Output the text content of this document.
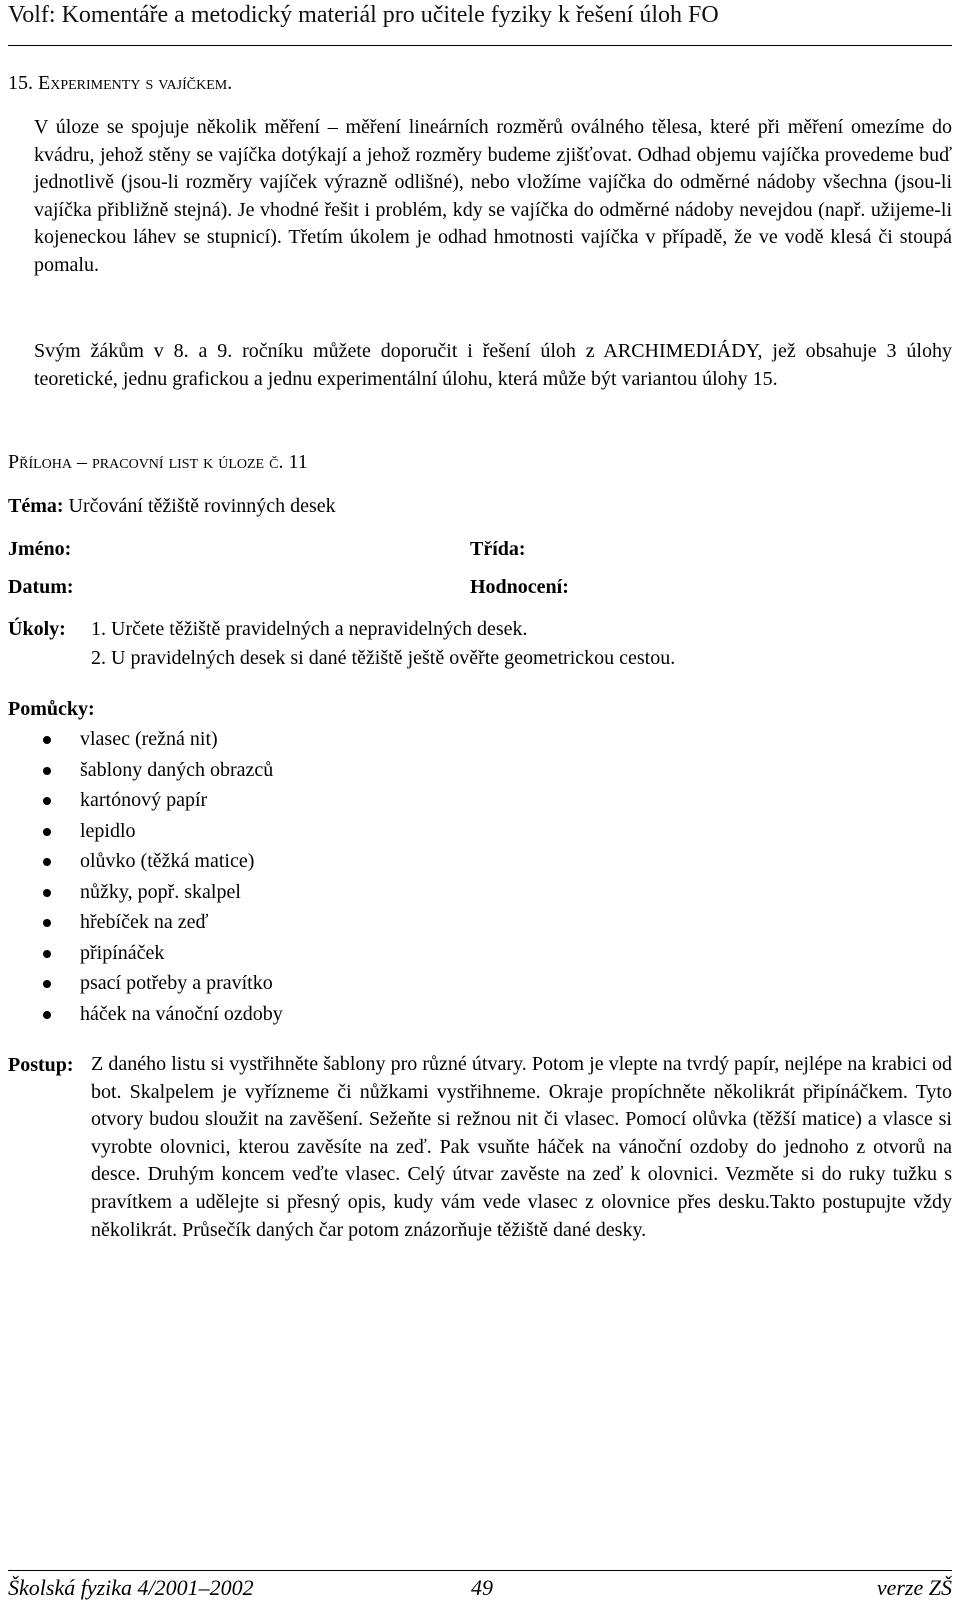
Volf: Komentáře a metodický materiál pro učitele fyziky k řešení úloh FO
15. Experimenty s vajíčkem.
V úloze se spojuje několik měření – měření lineárních rozměrů oválného tělesa, které při měření omezíme do kvádru, jehož stěny se vajíčka dotýkají a jehož rozměry budeme zjišťovat. Odhad objemu vajíčka provedeme buď jednotlivě (jsou-li rozměry vajíček výrazně odlišné), nebo vložíme vajíčka do odměrné nádoby všechna (jsou-li vajíčka přibližně stejná). Je vhodné řešit i problém, kdy se vajíčka do odměrné nádoby nevejdou (např. užijeme-li kojeneckou láhev se stupnicí). Třetím úkolem je odhad hmotnosti vajíčka v případě, že ve vodě klesá či stoupá pomalu.
Svým žákům v 8. a 9. ročníku můžete doporučit i řešení úloh z ARCHIMEDIÁDY, jež obsahuje 3 úlohy teoretické, jednu grafickou a jednu experimentální úlohu, která může být variantou úlohy 15.
Příloha – pracovní list k úloze č. 11
Téma: Určování těžiště rovinných desek
Jméno:	Třída:
Datum:	Hodnocení:
Úkoly: 1. Určete těžiště pravidelných a nepravidelných desek.
2. U pravidelných desek si dané těžiště ještě ověřte geometrickou cestou.
Pomůcky:
vlasec (režná nit)
šablony daných obrazců
kartónový papír
lepidlo
olůvko (těžká matice)
nůžky, popř. skalpel
hřebíček na zeď
připínáček
psací potřeby a pravítko
háček na vánoční ozdoby
Postup: Z daného listu si vystřihněte šablony pro různé útvary. Potom je vlepte na tvrdý papír, nejlépe na krabici od bot. Skalpelem je vyřízneme či nůžkami vystřihneme. Okraje propíchněte několikrát připínáčkem. Tyto otvory budou sloužit na zavěšení. Sežeňte si režnou nit či vlasec. Pomocí olůvka (těžší matice) a vlasce si vyrobte olovnici, kterou zavěsíte na zeď. Pak vsuňte háček na vánoční ozdoby do jednoho z otvorů na desce. Druhým koncem veďte vlasec. Celý útvar zavěste na zeď k olovnici. Vezměte si do ruky tužku s pravítkem a udělejte si přesný opis, kudy vám vede vlasec z olovnice přes desku.Takto postupujte vždy několikrát. Průsečík daných čar potom znázorňuje těžiště dané desky.
Školská fyzika 4/2001–2002	49	verze ZŠ
